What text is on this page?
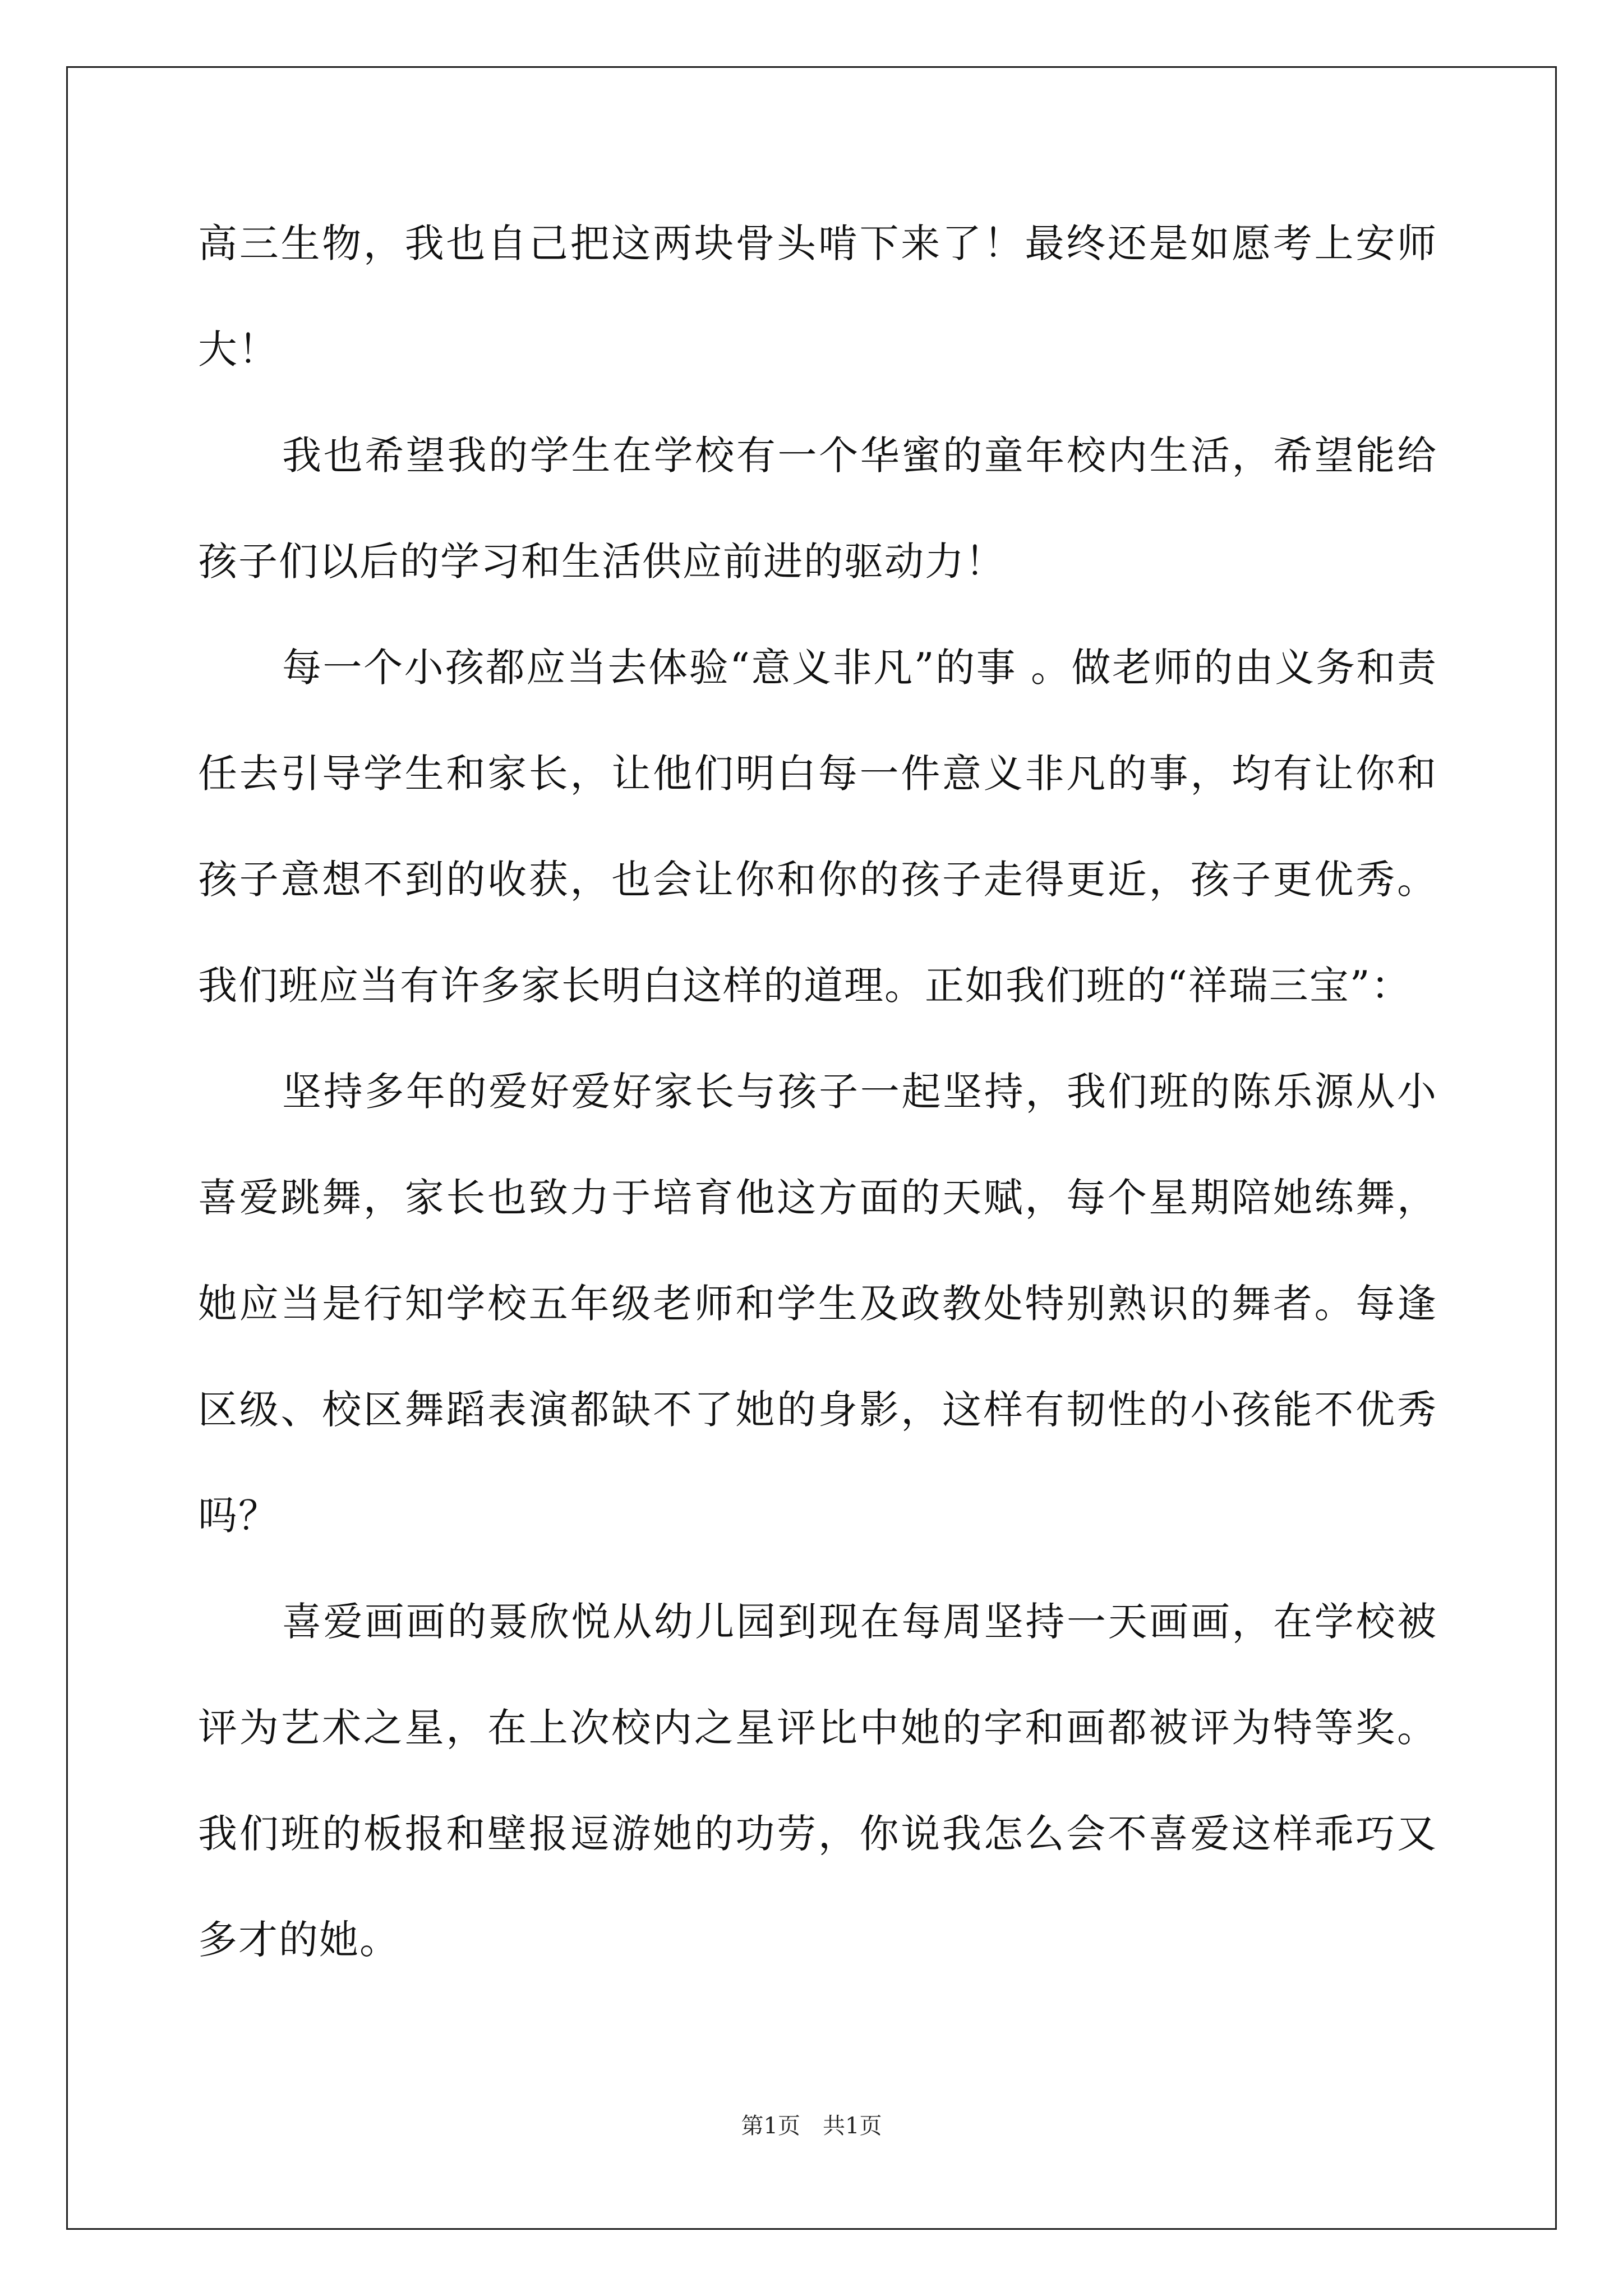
高三生物，我也自己把这两块骨头啃下来了！最终还是如愿考上安师大！

我也希望我的学生在学校有一个华蜜的童年校内生活，希望能给孩子们以后的学习和生活供应前进的驱动力！

每一个小孩都应当去体验“意义非凡”的事 。做老师的由义务和责任去引导学生和家长，让他们明白每一件意义非凡的事，均有让你和孩子意想不到的收获，也会让你和你的孩子走得更近，孩子更优秀。我们班应当有许多家长明白这样的道理。正如我们班的“祥瑞三宝”：

坚持多年的爱好爱好家长与孩子一起坚持，我们班的陈乐源从小喜爱跳舞，家长也致力于培育他这方面的天赋，每个星期陪她练舞，她应当是行知学校五年级老师和学生及政教处特别熟识的舞者。每逢区级、校区舞蹈表演都缺不了她的身影，这样有韧性的小孩能不优秀吗？

喜爱画画的聂欣悦从幼儿园到现在每周坚持一天画画，在学校被评为艺术之星，在上次校内之星评比中她的字和画都被评为特等奖。我们班的板报和壁报逗游她的功劳，你说我怎么会不喜爱这样乖巧又多才的她。

第1页　共1页
